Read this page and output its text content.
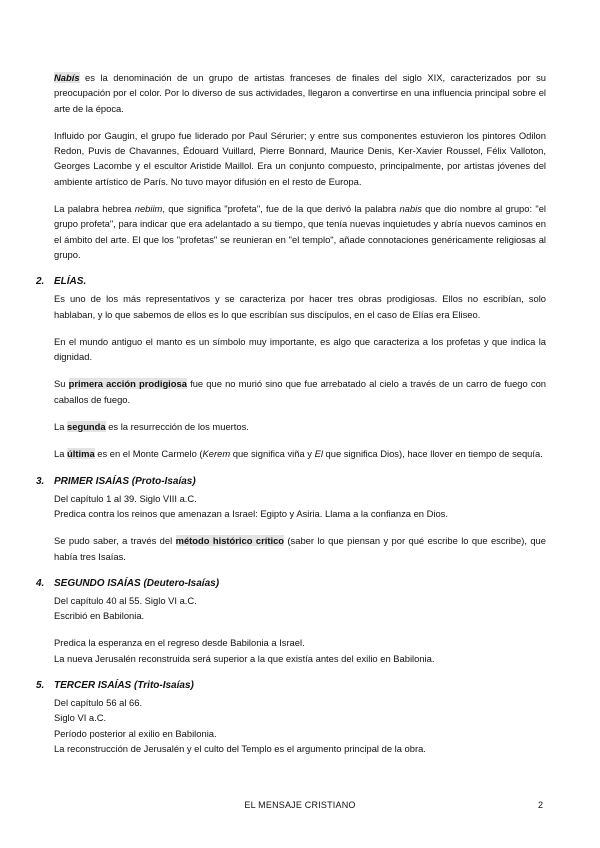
Nabís es la denominación de un grupo de artistas franceses de finales del siglo XIX, caracterizados por su preocupación por el color. Por lo diverso de sus actividades, llegaron a convertirse en una influencia principal sobre el arte de la época.

Influido por Gaugin, el grupo fue liderado por Paul Sérurier; y entre sus componentes estuvieron los pintores Odilon Redon, Puvis de Chavannes, Édouard Vuillard, Pierre Bonnard, Maurice Denis, Ker-Xavier Roussel, Félix Valloton, Georges Lacombe y el escultor Aristide Maillol. Era un conjunto compuesto, principalmente, por artistas jóvenes del ambiente artístico de París. No tuvo mayor difusión en el resto de Europa.

La palabra hebrea nebiim, que significa "profeta", fue de la que derivó la palabra nabis que dio nombre al grupo: "el grupo profeta", para indicar que era adelantado a su tiempo, que tenía nuevas inquietudes y abría nuevos caminos en el ámbito del arte. El que los "profetas" se reunieran en "el templo", añade connotaciones genéricamente religiosas al grupo.

2. ELÍAS.

Es uno de los más representativos y se caracteriza por hacer tres obras prodigiosas. Ellos no escribían, solo hablaban, y lo que sabemos de ellos es lo que escribían sus discípulos, en el caso de Elías era Eliseo.

En el mundo antiguo el manto es un símbolo muy importante, es algo que caracteriza a los profetas y que indica la dignidad.

Su primera acción prodigiosa fue que no murió sino que fue arrebatado al cielo a través de un carro de fuego con caballos de fuego.

La segunda es la resurrección de los muertos.

La última es en el Monte Carmelo (Kerem que significa viña y El que significa Dios), hace llover en tiempo de sequía.

3. PRIMER ISAÍAS (Proto-Isaías)

Del capítulo 1 al 39. Siglo VIII a.C.

Predica contra los reinos que amenazan a Israel: Egipto y Asiria. Llama a la confianza en Dios.

Se pudo saber, a través del método histórico crítico (saber lo que piensan y por qué escribe lo que escribe), que había tres Isaías.

4. SEGUNDO ISAÍAS (Deutero-Isaías)

Del capítulo 40 al 55. Siglo VI a.C.

Escribió en Babilonia.

Predica la esperanza en el regreso desde Babilonia a Israel.

La nueva Jerusalén reconstruida será superior a la que existía antes del exilio en Babilonia.

5. TERCER ISAÍAS (Trito-Isaías)

Del capítulo 56 al 66.

Siglo VI a.C.

Período posterior al exilio en Babilonia.

La reconstrucción de Jerusalén y el culto del Templo es el argumento principal de la obra.

EL MENSAJE CRISTIANO	2
